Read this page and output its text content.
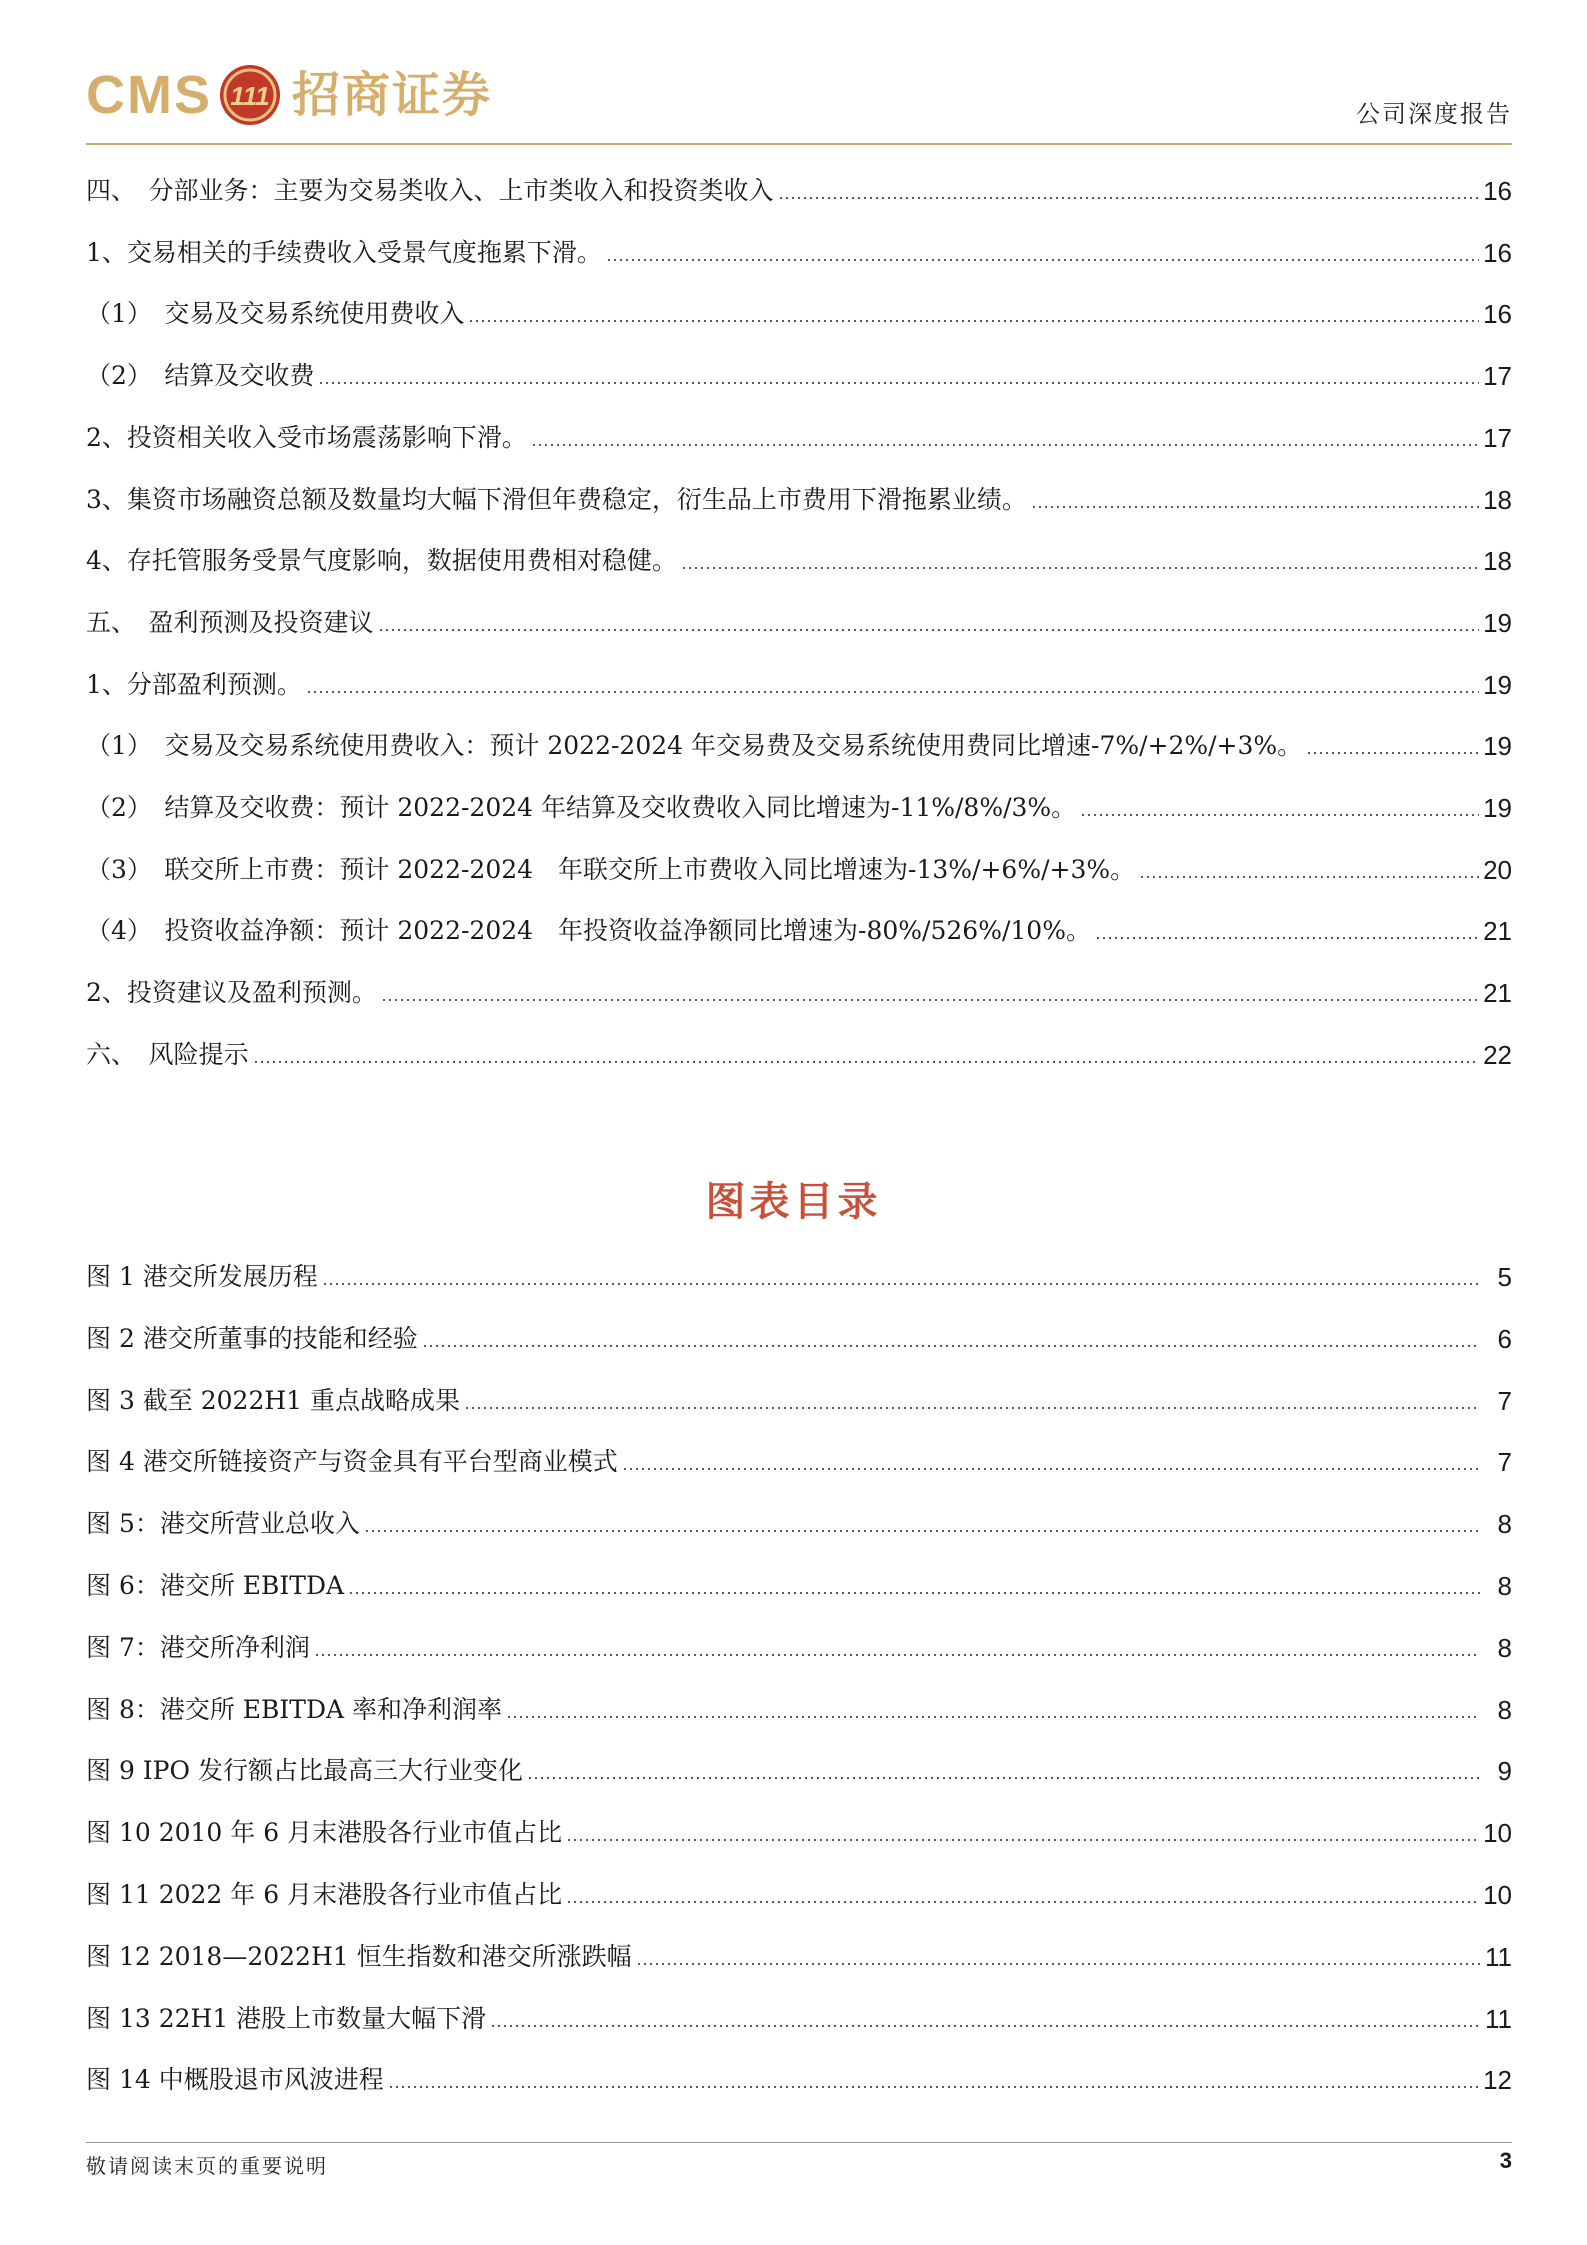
CMS 111 招商证券	公司深度报告
四、　分部业务：主要为交易类收入、上市类收入和投资类收入	16
1、交易相关的手续费收入受景气度拖累下滑。	16
（1）　交易及交易系统使用费收入	16
（2）　结算及交收费	17
2、投资相关收入受市场震荡影响下滑。	17
3、集资市场融资总额及数量均大幅下滑但年费稳定，衍生品上市费用下滑拖累业绩。	18
4、存托管服务受景气度影响，数据使用费相对稳健。	18
五、　盈利预测及投资建议	19
1、分部盈利预测。	19
（1）　交易及交易系统使用费收入：预计 2022-2024 年交易费及交易系统使用费同比增速-7%/+2%/+3%。	19
（2）　结算及交收费：预计 2022-2024 年结算及交收费收入同比增速为-11%/8%/3%。	19
（3）　联交所上市费：预计 2022-2024　年联交所上市费收入同比增速为-13%/+6%/+3%。	20
（4）　投资收益净额：预计 2022-2024　年投资收益净额同比增速为-80%/526%/10%。	21
2、投资建议及盈利预测。	21
六、　风险提示	22
图表目录
图 1 港交所发展历程	5
图 2 港交所董事的技能和经验	6
图 3 截至 2022H1 重点战略成果	7
图 4 港交所链接资产与资金具有平台型商业模式	7
图 5：港交所营业总收入	8
图 6：港交所 EBITDA	8
图 7：港交所净利润	8
图 8：港交所 EBITDA 率和净利润率	8
图 9 IPO 发行额占比最高三大行业变化	9
图 10 2010 年 6 月末港股各行业市值占比	10
图 11 2022 年 6 月末港股各行业市值占比	10
图 12 2018—2022H1 恒生指数和港交所涨跌幅	11
图 13 22H1 港股上市数量大幅下滑	11
图 14 中概股退市风波进程	12
敬请阅读末页的重要说明	3
